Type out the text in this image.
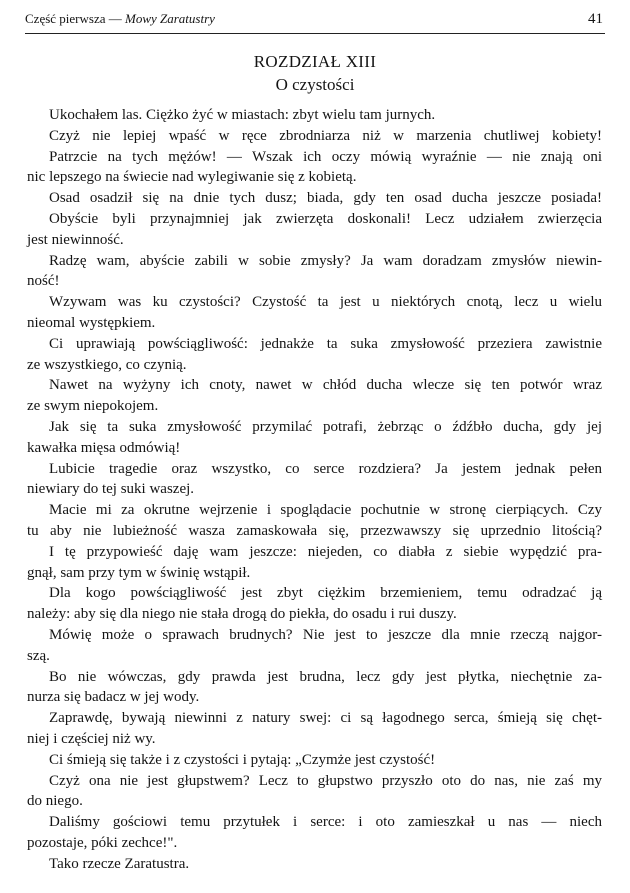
Część pierwsza — Mowy Zaratustry	41
ROZDZIAŁ XIII
O czystości
Ukochałem las. Ciężko żyć w miastach: zbyt wielu tam jurnych.
Czyż nie lepiej wpaść w ręce zbrodniarza niż w marzenia chutliwej kobiety!
Patrzcie na tych mężów! — Wszak ich oczy mówią wyraźnie — nie znają oni
nic lepszego na świecie nad wylegiwanie się z kobietą.
Osad osadził się na dnie tych dusz; biada, gdy ten osad ducha jeszcze posiada!
Obyście byli przynajmniej jak zwierzęta doskonali! Lecz udziałem zwierzęcia
jest niewinność.
Radzę wam, abyście zabili w sobie zmysły? Ja wam doradzam zmysłów niewin-
ność!
Wzywam was ku czystości? Czystość ta jest u niektórych cnotą, lecz u wielu
nieomal występkiem.
Ci uprawiają powściągliwość: jednakże ta suka zmysłowość przeziera zawistnie
ze wszystkiego, co czynią.
Nawet na wyżyny ich cnoty, nawet w chłód ducha wlecze się ten potwór wraz
ze swym niepokojem.
Jak się ta suka zmysłowość przymilać potrafi, żebrząc o źdźbło ducha, gdy jej
kawałka mięsa odmówią!
Lubicie tragedie oraz wszystko, co serce rozdziera? Ja jestem jednak pełen
niewiary do tej suki waszej.
Macie mi za okrutne wejrzenie i spoglądacie pochutnie w stronę cierpiących. Czy
tu aby nie lubieżność wasza zamaskowała się, przezwawszy się uprzednio litością?
I tę przypowieść daję wam jeszcze: niejeden, co diabła z siebie wypędzić pra-
gnął, sam przy tym w świnię wstąpił.
Dla kogo powściągliwość jest zbyt ciężkim brzemieniem, temu odradzać ją
należy: aby się dla niego nie stała drogą do piekła, do osadu i rui duszy.
Mówię może o sprawach brudnych? Nie jest to jeszcze dla mnie rzeczą najgor-
szą.
Bo nie wówczas, gdy prawda jest brudna, lecz gdy jest płytka, niechętnie za-
nurza się badacz w jej wody.
Zaprawdę, bywają niewinni z natury swej: ci są łagodnego serca, śmieją się chęt-
niej i częściej niż wy.
Ci śmieją się także i z czystości i pytają: „Czymże jest czystość!
Czyż ona nie jest głupstwem? Lecz to głupstwo przyszło oto do nas, nie zaś my
do niego.
Daliśmy gościowi temu przytułek i serce: i oto zamieszkał u nas — niech
pozostaje, póki zechce!".
Tako rzecze Zaratustra.
